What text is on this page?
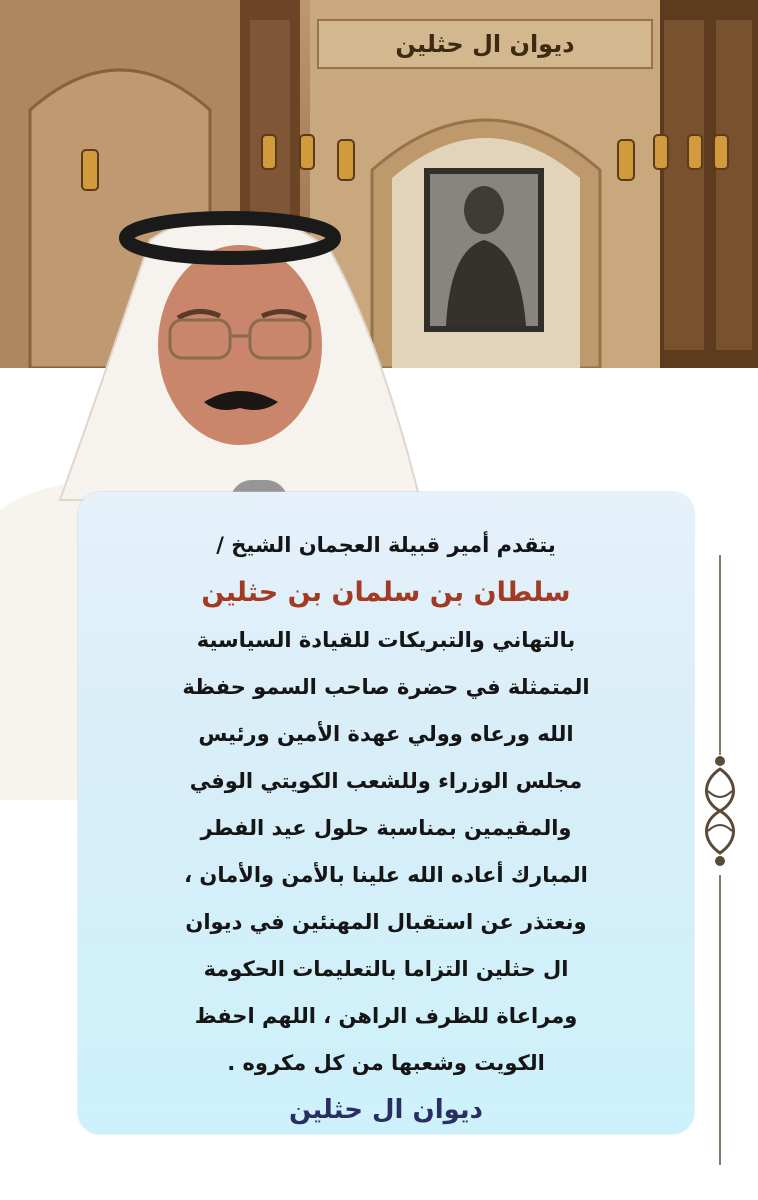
ديوان ال حثلين
يتقدم أمير قبيلة العجمان الشيخ /
سلطان بن سلمان بن حثلين
بالتهاني والتبريكات للقيادة السياسية
المتمثلة في حضرة صاحب السمو حفظة
الله ورعاه وولي عهدة الأمين ورئيس
مجلس الوزراء وللشعب الكويتي الوفي
والمقيمين بمناسبة حلول عيد الفطر
المبارك أعاده الله علينا بالأمن والأمان ،
ونعتذر عن استقبال المهنئين في ديوان
ال حثلين التزاما بالتعليمات الحكومة
ومراعاة للظرف الراهن ، اللهم احفظ
الكويت وشعبها من كل مكروه .
ديوان ال حثلين
